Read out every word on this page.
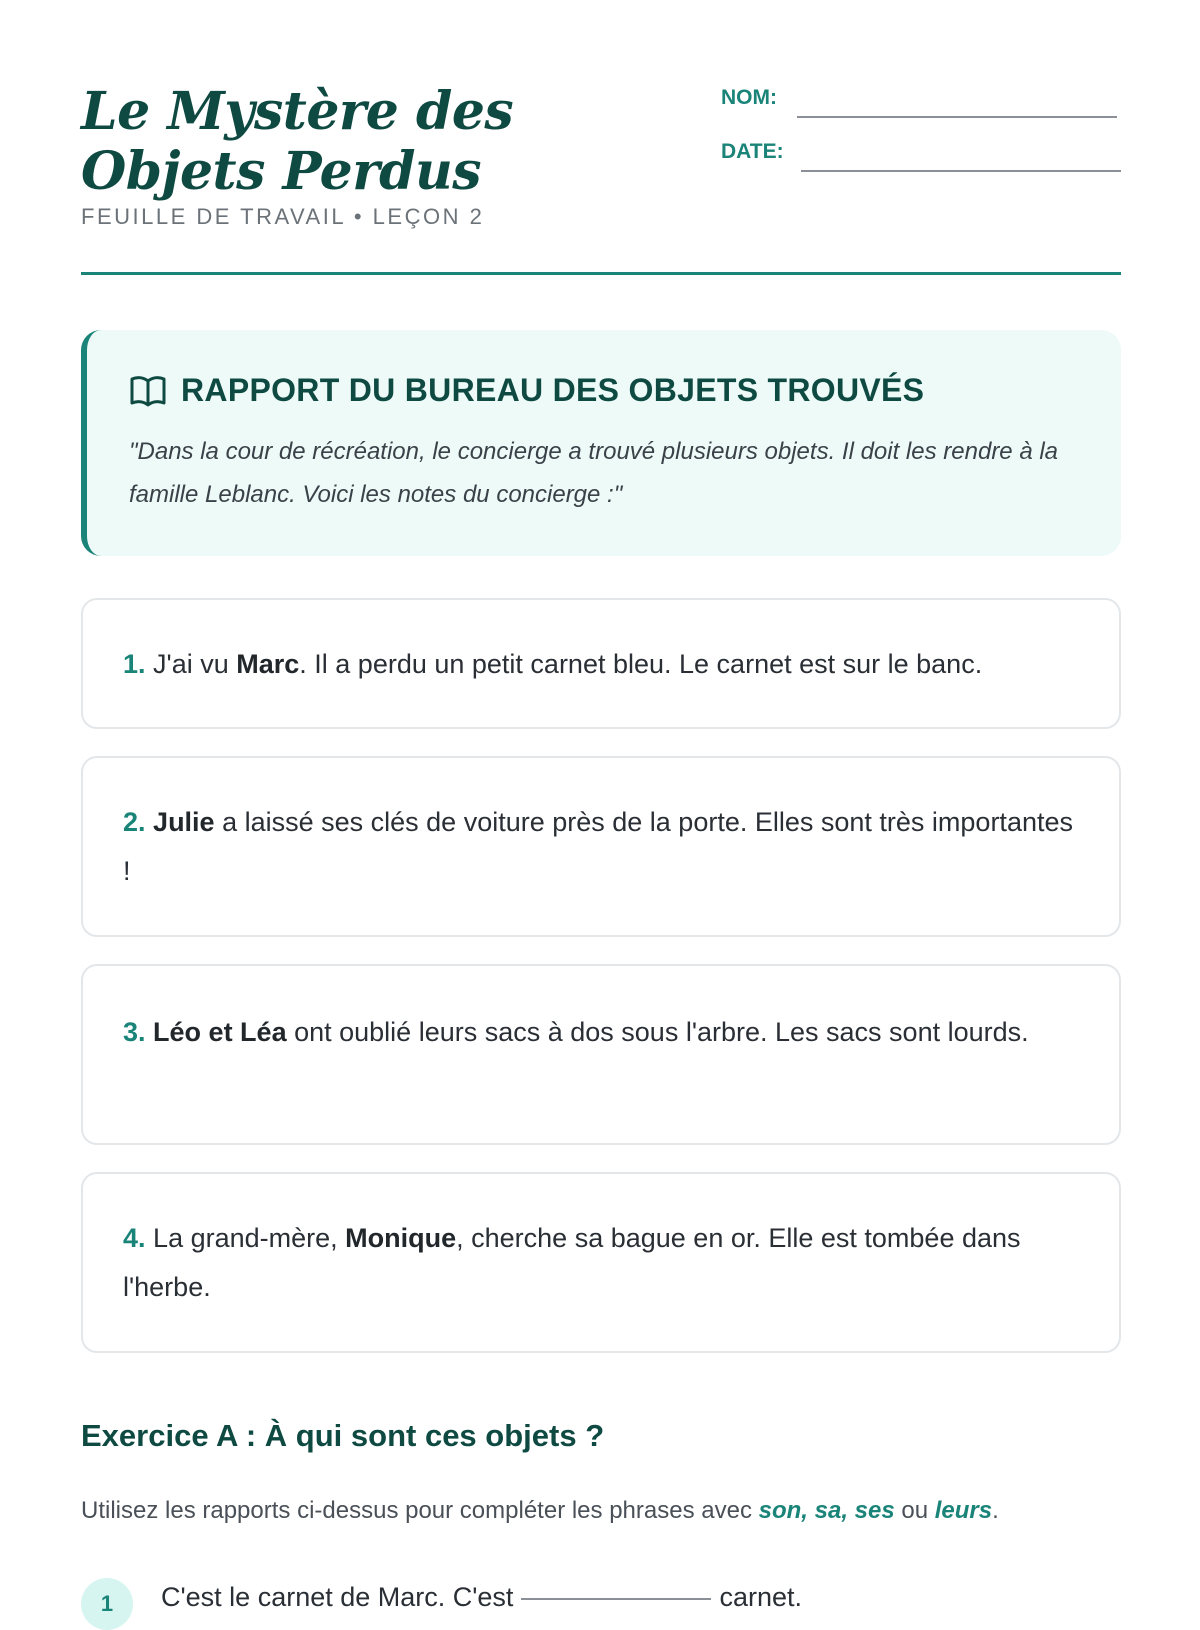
Le Mystère des Objets Perdus
FEUILLE DE TRAVAIL • LEÇON 2
NOM:
DATE:
RAPPORT DU BUREAU DES OBJETS TROUVÉS
"Dans la cour de récréation, le concierge a trouvé plusieurs objets. Il doit les rendre à la famille Leblanc. Voici les notes du concierge :"
1. J'ai vu Marc. Il a perdu un petit carnet bleu. Le carnet est sur le banc.
2. Julie a laissé ses clés de voiture près de la porte. Elles sont très importantes !
3. Léo et Léa ont oublié leurs sacs à dos sous l'arbre. Les sacs sont lourds.
4. La grand-mère, Monique, cherche sa bague en or. Elle est tombée dans l'herbe.
Exercice A : À qui sont ces objets ?
Utilisez les rapports ci-dessus pour compléter les phrases avec son, sa, ses ou leurs.
1	C'est le carnet de Marc. C'est	carnet.
